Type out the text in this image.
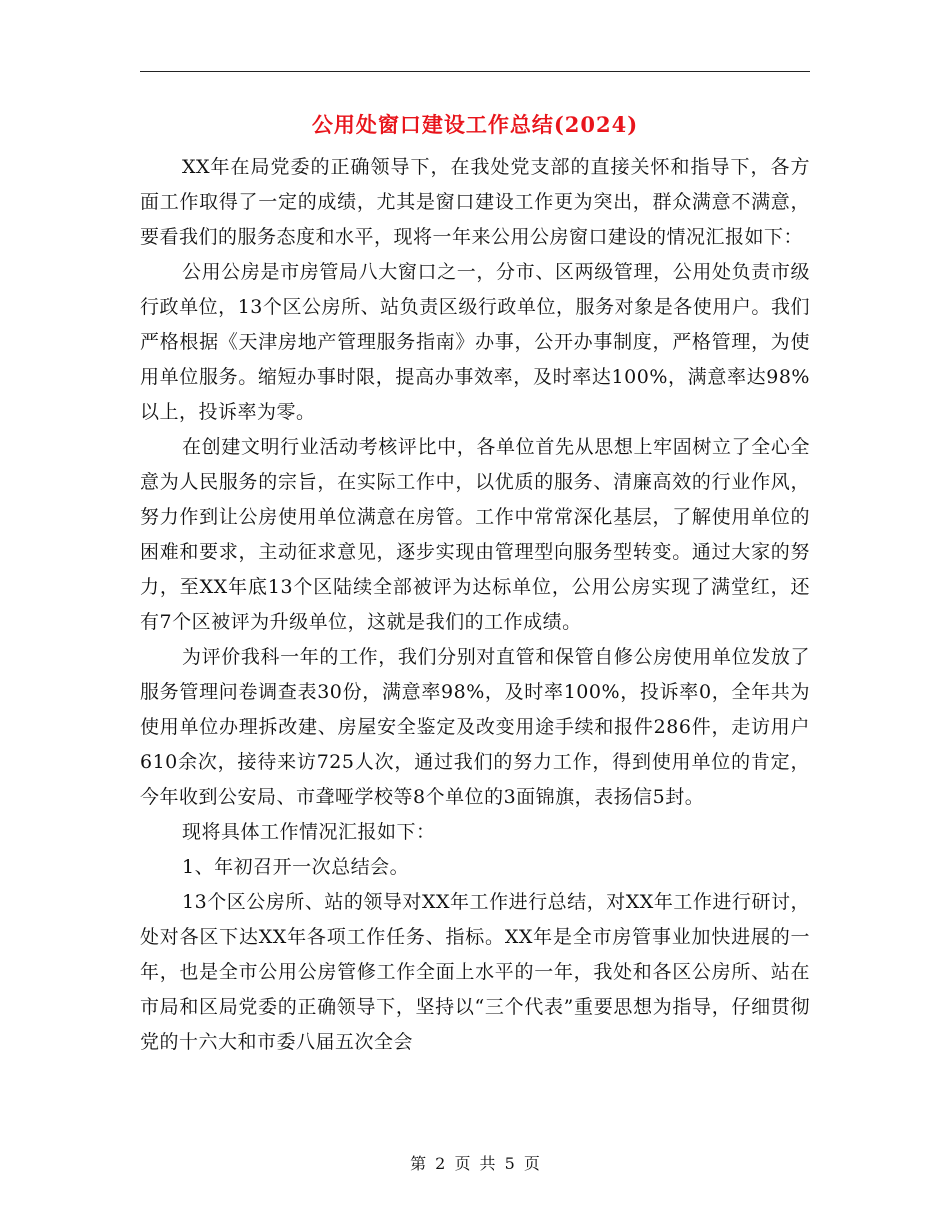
公用处窗口建设工作总结(2024)

XX年在局党委的正确领导下，在我处党支部的直接关怀和指导下，各方面工作取得了一定的成绩，尤其是窗口建设工作更为突出，群众满意不满意，要看我们的服务态度和水平，现将一年来公用公房窗口建设的情况汇报如下：

公用公房是市房管局八大窗口之一，分市、区两级管理，公用处负责市级行政单位，13个区公房所、站负责区级行政单位，服务对象是各使用户。我们严格根据《天津房地产管理服务指南》办事，公开办事制度，严格管理，为使用单位服务。缩短办事时限，提高办事效率，及时率达100%，满意率达98%以上，投诉率为零。

在创建文明行业活动考核评比中，各单位首先从思想上牢固树立了全心全意为人民服务的宗旨，在实际工作中，以优质的服务、清廉高效的行业作风，努力作到让公房使用单位满意在房管。工作中常常深化基层，了解使用单位的困难和要求，主动征求意见，逐步实现由管理型向服务型转变。通过大家的努力，至XX年底13个区陆续全部被评为达标单位，公用公房实现了满堂红，还有7个区被评为升级单位，这就是我们的工作成绩。

为评价我科一年的工作，我们分别对直管和保管自修公房使用单位发放了服务管理问卷调查表30份，满意率98%，及时率100%，投诉率0，全年共为使用单位办理拆改建、房屋安全鉴定及改变用途手续和报件286件，走访用户610余次，接待来访725人次，通过我们的努力工作，得到使用单位的肯定，今年收到公安局、市聋哑学校等8个单位的3面锦旗，表扬信5封。

现将具体工作情况汇报如下：

1、年初召开一次总结会。

13个区公房所、站的领导对XX年工作进行总结，对XX年工作进行研讨，处对各区下达XX年各项工作任务、指标。XX年是全市房管事业加快进展的一年，也是全市公用公房管修工作全面上水平的一年，我处和各区公房所、站在市局和区局党委的正确领导下，坚持以“三个代表”重要思想为指导，仔细贯彻党的十六大和市委八届五次全会

第 2 页 共 5 页
